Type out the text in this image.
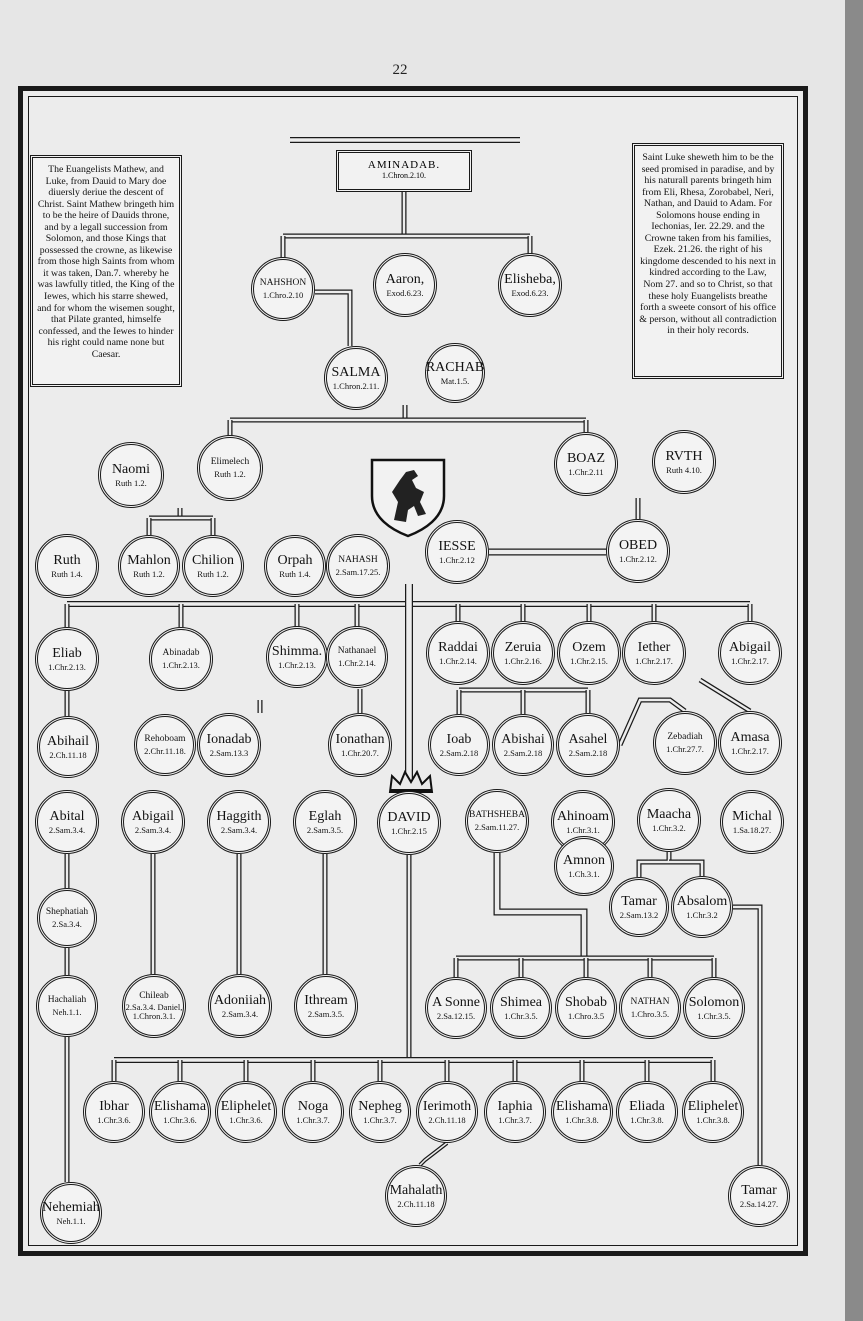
22
AMINADAB.
1.Chron.2.10.
The Euangelists Mathew, and Luke, from Dauid to Mary doe diuersly deriue the descent of Christ. Saint Mathew bringeth him to be the heire of Dauids throne, and by a legall succession from Solomon, and those Kings that possessed the crowne, as likewise from those high Saints from whom it was taken, Dan.7. whereby he was lawfully titled, the King of the Iewes, which his starre shewed, and for whom the wisemen sought, that Pilate granted, himselfe confessed, and the Iewes to hinder his right could name none but Caesar.
Saint Luke sheweth him to be the seed promised in paradise, and by his naturall parents bringeth him from Eli, Rhesa, Zorobabel, Neri, Nathan, and Dauid to Adam. For Solomons house ending in Iechonias, Ier. 22.29. and the Crowne taken from his families, Ezek. 21.26. the right of his kingdome descended to his next in kindred according to the Law, Nom 27. and so to Christ, so that these holy Euangelists breathe forth a sweete consort of his office & person, without all contradiction in their holy records.
NAHSHON
1.Chro.2.10
Aaron,
Exod.6.23.
Elisheba,
Exod.6.23.
SALMA
1.Chron.2.11.
RACHAB
Mat.1.5.
Naomi
Ruth 1.2.
Elimelech
Ruth 1.2.
BOAZ
1.Chr.2.11
RVTH
Ruth 4.10.
Ruth
Ruth 1.4.
Mahlon
Ruth 1.2.
Chilion
Ruth 1.2.
Orpah
Ruth 1.4.
NAHASH
2.Sam.17.25.
IESSE
1.Chr.2.12
OBED
1.Chr.2.12.
Eliab
1.Chr.2.13.
Abinadab
1.Chr.2.13.
Shimma.
1.Chr.2.13.
Nathanael
1.Chr.2.14.
Raddai
1.Chr.2.14.
Zeruia
1.Chr.2.16.
Ozem
1.Chr.2.15.
Iether
1.Chr.2.17.
Abigail
1.Chr.2.17.
Abihail
2.Ch.11.18
Rehoboam
2.Chr.11.18.
Ionadab
2.Sam.13.3
Ionathan
1.Chr.20.7.
Ioab
2.Sam.2.18
Abishai
2.Sam.2.18
Asahel
2.Sam.2.18
Zebadiah
1.Chr.27.7.
Amasa
1.Chr.2.17.
Abital
2.Sam.3.4.
Abigail
2.Sam.3.4.
Haggith
2.Sam.3.4.
Eglah
2.Sam.3.5.
DAVID
1.Chr.2.15
BATHSHEBA
2.Sam.11.27.
Ahinoam
1.Chr.3.1.
Maacha
1.Chr.3.2.
Michal
1.Sa.18.27.
Amnon
1.Ch.3.1.
Shephatiah
2.Sa.3.4.
Tamar
2.Sam.13.2
Absalom
1.Chr.3.2
Hachaliah
Neh.1.1.
Chileab
2.Sa.3.4. Daniel, 1.Chron.3.1.
Adoniiah
2.Sam.3.4.
Ithream
2.Sam.3.5.
A Sonne
2.Sa.12.15.
Shimea
1.Chr.3.5.
Shobab
1.Chro.3.5
NATHAN
1.Chro.3.5.
Solomon
1.Chr.3.5.
Ibhar
1.Chr.3.6.
Elishama
1.Chr.3.6.
Eliphelet
1.Chr.3.6.
Noga
1.Chr.3.7.
Nepheg
1.Chr.3.7.
Ierimoth
2.Ch.11.18
Iaphia
1.Chr.3.7.
Elishama
1.Chr.3.8.
Eliada
1.Chr.3.8.
Eliphelet
1.Chr.3.8.
Nehemiah
Neh.1.1.
Mahalath
2.Ch.11.18
Tamar
2.Sa.14.27.
